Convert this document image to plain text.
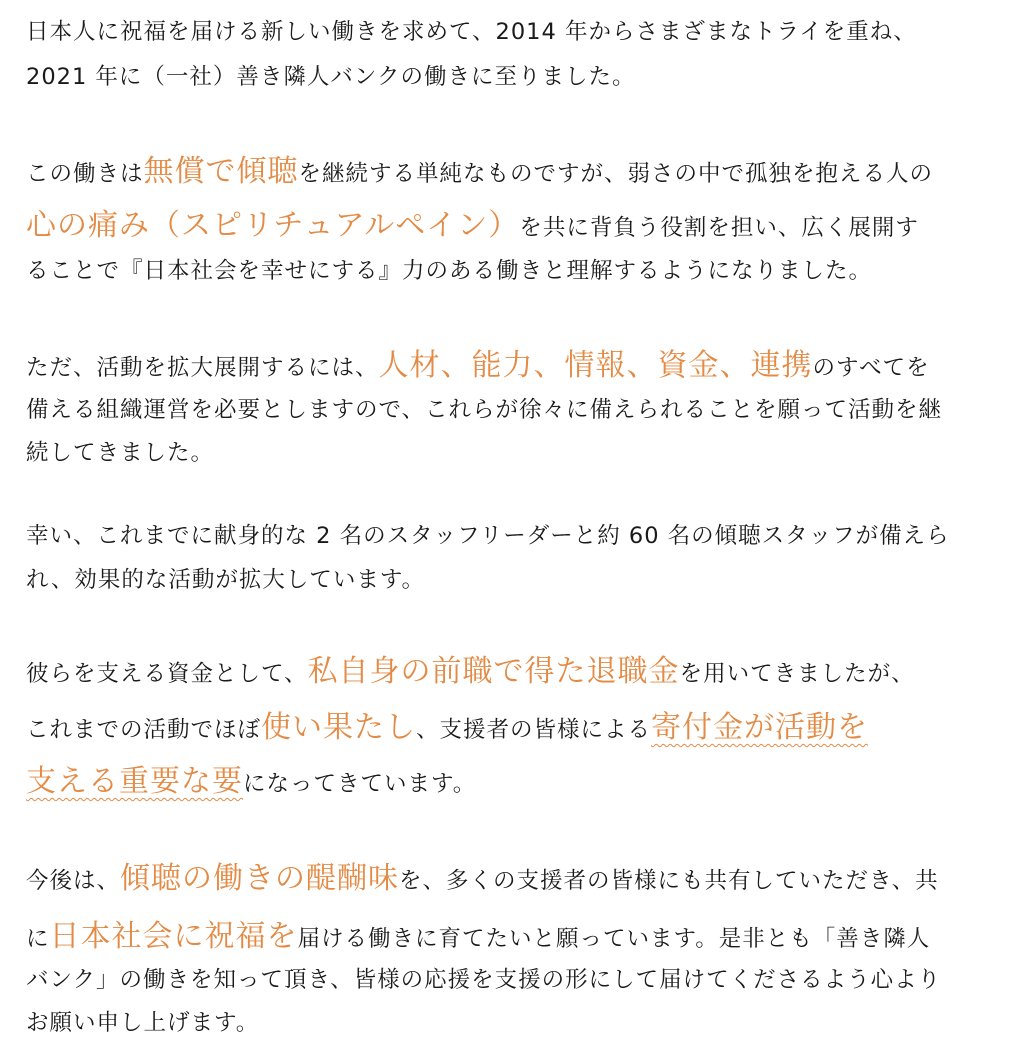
日本人に祝福を届ける新しい働きを求めて、2014 年からさまざまなトライを重ね、
2021 年に（一社）善き隣人バンクの働きに至りました。
この働きは無償で傾聴を継続する単純なものですが、弱さの中で孤独を抱える人の
心の痛み（スピリチュアルペイン）を共に背負う役割を担い、広く展開す
ることで『日本社会を幸せにする』力のある働きと理解するようになりました。
ただ、活動を拡大展開するには、人材、能力、情報、資金、連携のすべてを
備える組織運営を必要としますので、これらが徐々に備えられることを願って活動を継
続してきました。
幸い、これまでに献身的な 2 名のスタッフリーダーと約 60 名の傾聴スタッフが備えら
れ、効果的な活動が拡大しています。
彼らを支える資金として、私自身の前職で得た退職金を用いてきましたが、
これまでの活動でほぼ使い果たし、支援者の皆様による寄付金が活動を
支える重要な要になってきています。
今後は、傾聴の働きの醍醐味を、多くの支援者の皆様にも共有していただき、共
に日本社会に祝福を届ける働きに育てたいと願っています。是非とも「善き隣人
バンク」の働きを知って頂き、皆様の応援を支援の形にして届けてくださるよう心より
お願い申し上げます。
